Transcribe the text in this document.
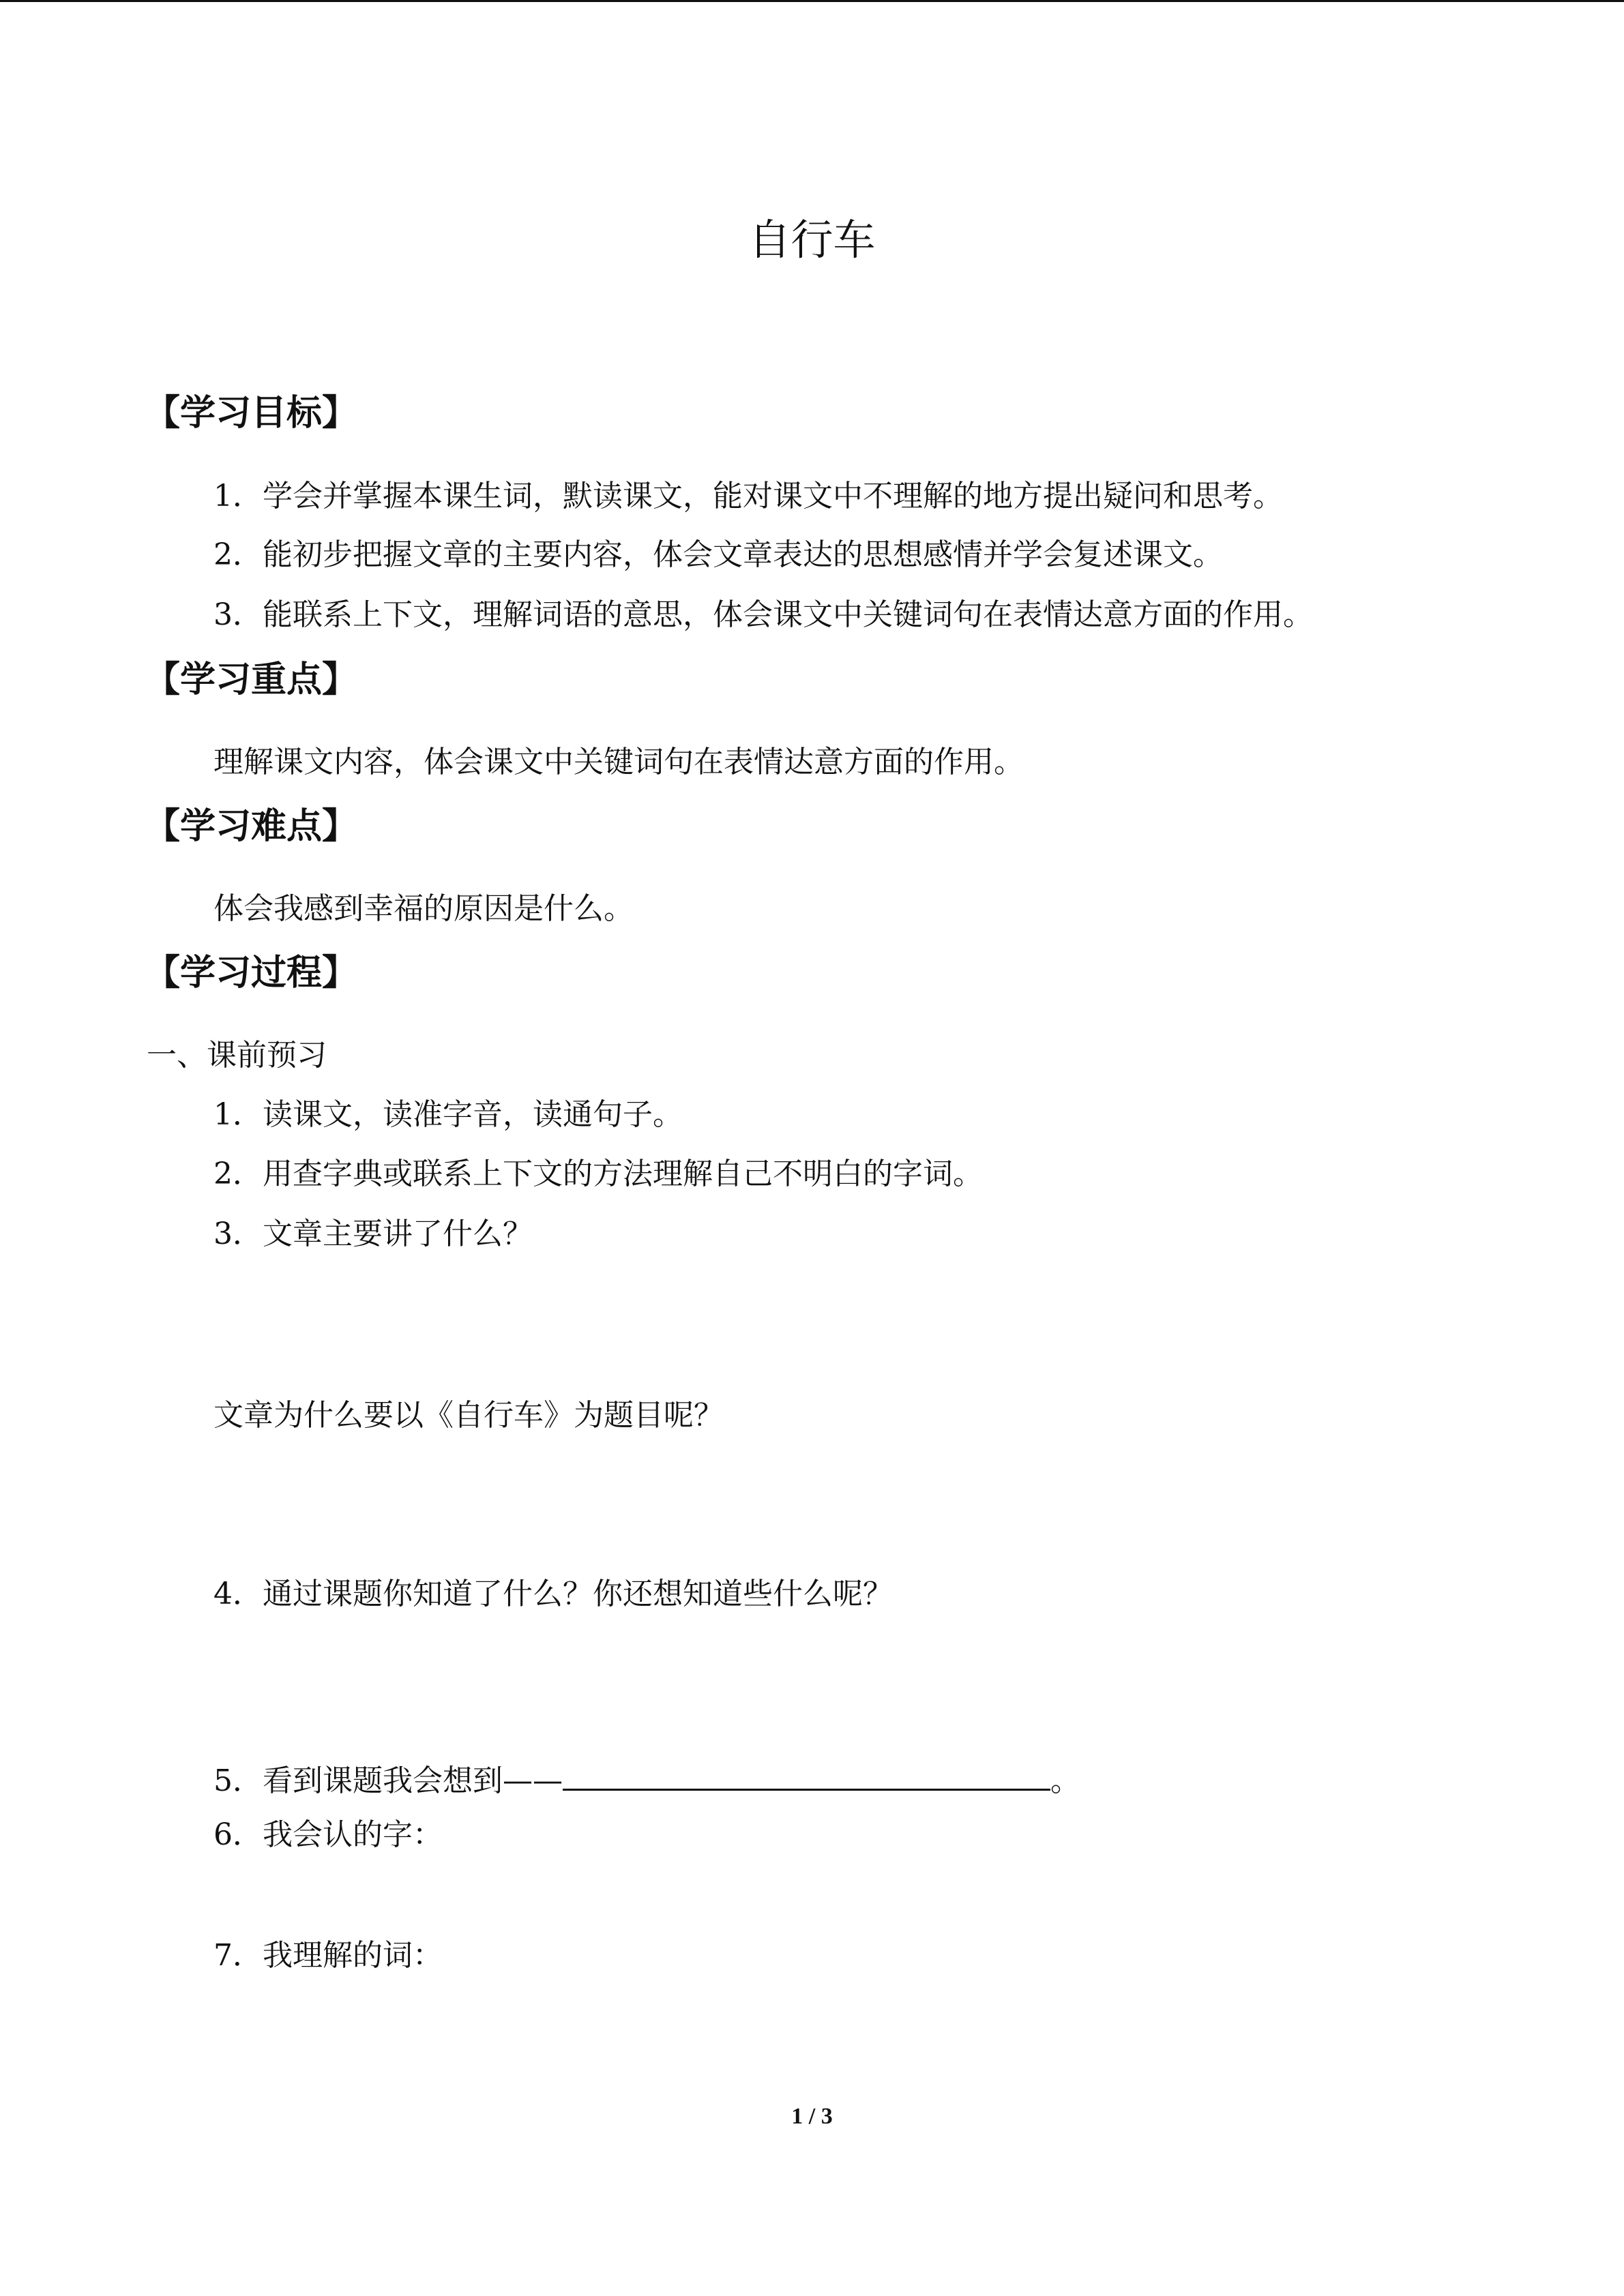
自行车
【学习目标】
1．学会并掌握本课生词，默读课文，能对课文中不理解的地方提出疑问和思考。
2．能初步把握文章的主要内容，体会文章表达的思想感情并学会复述课文。
3．能联系上下文，理解词语的意思，体会课文中关键词句在表情达意方面的作用。
【学习重点】
理解课文内容，体会课文中关键词句在表情达意方面的作用。
【学习难点】
体会我感到幸福的原因是什么。
【学习过程】
一、课前预习
1．读课文，读准字音，读通句子。
2．用查字典或联系上下文的方法理解自己不明白的字词。
3．文章主要讲了什么？
文章为什么要以《自行车》为题目呢？
4．通过课题你知道了什么？你还想知道些什么呢？
5．看到课题我会想到——	。
6．我会认的字：
7．我理解的词：
1 / 3
